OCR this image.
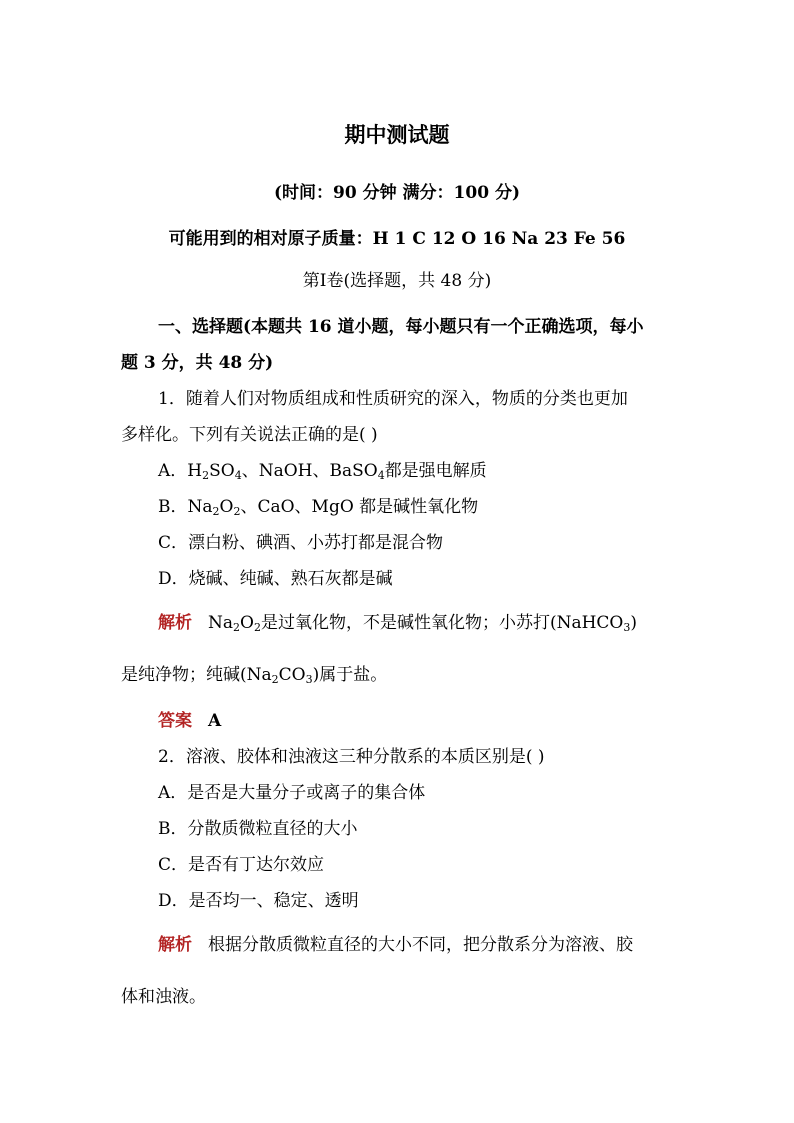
期中测试题
(时间：90 分钟 满分：100 分)
可能用到的相对原子质量：H 1 C 12 O 16 Na 23 Fe 56
第Ⅰ卷(选择题，共 48 分)
一、选择题(本题共 16 道小题，每小题只有一个正确选项，每小
题 3 分，共 48 分)
1．随着人们对物质组成和性质研究的深入，物质的分类也更加
多样化。下列有关说法正确的是( )
A．$H_2SO_4$、NaOH、BaSO$_4$都是强电解质
B．$Na_2O_2$、CaO、MgO 都是碱性氧化物
C．漂白粉、碘酒、小苏打都是混合物
D．烧碱、纯碱、熟石灰都是碱
解析 $Na_2O_2$是过氧化物，不是碱性氧化物；小苏打(NaHCO$_3$)
是纯净物；纯碱$(Na_2CO_3)$属于盐。
答案 A
2．溶液、胶体和浊液这三种分散系的本质区别是( )
A．是否是大量分子或离子的集合体
B．分散质微粒直径的大小
C．是否有丁达尔效应
D．是否均一、稳定、透明
解析 根据分散质微粒直径的大小不同，把分散系分为溶液、胶
体和浊液。
